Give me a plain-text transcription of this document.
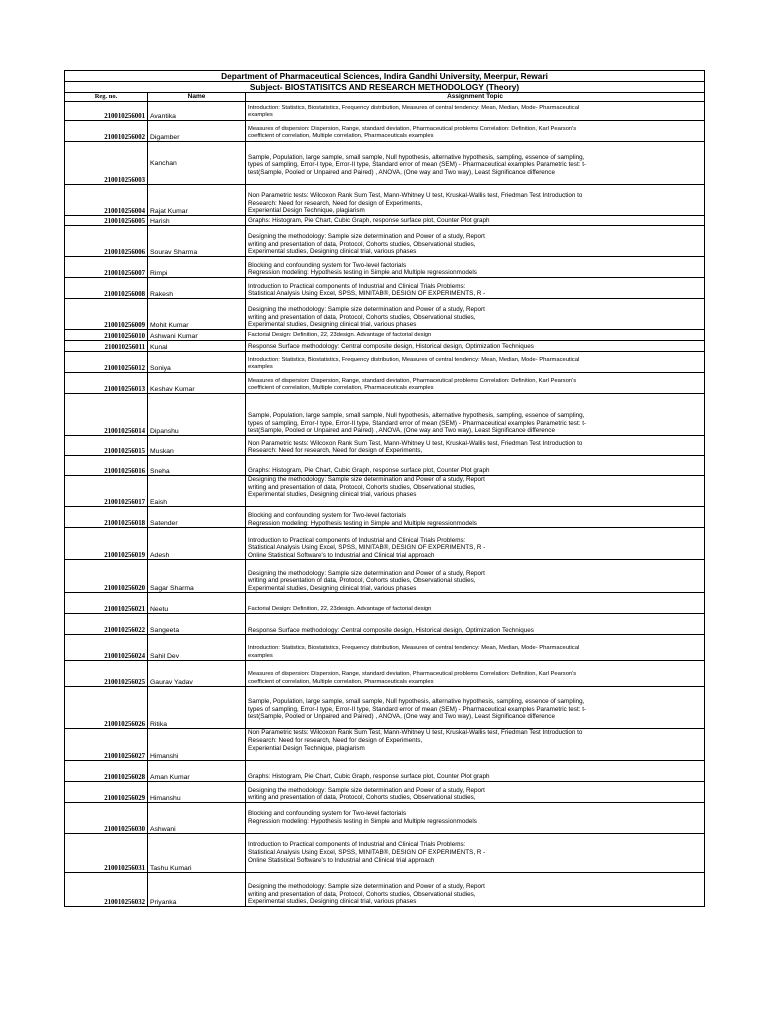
Department of Pharmaceutical Sciences, Indira Gandhi University, Meerpur, Rewari		
Subject- BIOSTATISITCS AND RESEARCH METHODOLOGY (Theory)		
Reg. no.	Name	Assignment Topic
210010256001	Avantika	Introduction: Statistics, Biostatistics, Frequency distribution, Measures of central tendency: Mean, Median, Mode- Pharmaceutical
examples

210010256002	Digamber	Measures of dispersion: Dispersion, Range, standard deviation, Pharmaceutical problems Correlation: Definition, Karl Pearson's
coefficient of correlation, Multiple correlation, Pharmaceuticals examples

210010256003	Kanchan	Sample, Population, large sample, small sample, Null hypothesis, alternative hypothesis, sampling, essence of sampling,
types of sampling, Error-I type, Error-II type, Standard error of mean (SEM) - Pharmaceutical examples Parametric test: t-
test(Sample, Pooled or Unpaired and Paired) , ANOVA, (One way and Two way), Least Significance difference

210010256004	Rajat Kumar	Non Parametric tests: Wilcoxon Rank Sum Test, Mann-Whitney U test, Kruskal-Wallis test, Friedman Test Introduction to
Research: Need for research, Need for design of Experiments,
Experiential Design Technique, plagiarism

210010256005	Harish	Graphs: Histogram, Pie Chart, Cubic Graph, response surface plot, Counter Plot graph

210010256006	Sourav Sharma	Designing the methodology: Sample size determination and Power of a study, Report
writing and presentation of data, Protocol, Cohorts studies, Observational studies,
Experimental studies, Designing clinical trial, various phases

210010256007	Rimpi	Blocking and confounding system for Two-level factorials
Regression modeling: Hypothesis testing in Simple and Multiple regressionmodels

210010256008	Rakesh	Introduction to Practical components of Industrial and Clinical Trials Problems:
Statistical Analysis Using Excel, SPSS, MINITAB®, DESIGN OF EXPERIMENTS, R -

210010256009	Mohit Kumar	Designing the methodology: Sample size determination and Power of a study, Report
writing and presentation of data, Protocol, Cohorts studies, Observational studies,
Experimental studies, Designing clinical trial, various phases

210010256010	Ashwani Kumar	Factorial Design: Definition, 22, 23design. Advantage of factorial design

210010256011	Kunal	Response Surface methodology: Central composite design, Historical design, Optimization Techniques

210010256012	Soniya	Introduction: Statistics, Biostatistics, Frequency distribution, Measures of central tendency: Mean, Median, Mode- Pharmaceutical
examples

210010256013	Keshav Kumar	Measures of dispersion: Dispersion, Range, standard deviation, Pharmaceutical problems Correlation: Definition, Karl Pearson's
coefficient of correlation, Multiple correlation, Pharmaceuticals examples

210010256014	Dipanshu	Sample, Population, large sample, small sample, Null hypothesis, alternative hypothesis, sampling, essence of sampling,
types of sampling, Error-I type, Error-II type, Standard error of mean (SEM) - Pharmaceutical examples Parametric test: t-
test(Sample, Pooled or Unpaired and Paired) , ANOVA, (One way and Two way), Least Significance difference

210010256015	Muskan	Non Parametric tests: Wilcoxon Rank Sum Test, Mann-Whitney U test, Kruskal-Wallis test, Friedman Test Introduction to
Research: Need for research, Need for design of Experiments,

210010256016	Sneha	Graphs: Histogram, Pie Chart, Cubic Graph, response surface plot, Counter Plot graph

210010256017	Eaish	Designing the methodology: Sample size determination and Power of a study, Report
writing and presentation of data, Protocol, Cohorts studies, Observational studies,
Experimental studies, Designing clinical trial, various phases

210010256018	Satender	Blocking and confounding system for Two-level factorials
Regression modeling: Hypothesis testing in Simple and Multiple regressionmodels

210010256019	Adesh	Introduction to Practical components of Industrial and Clinical Trials Problems:
Statistical Analysis Using Excel, SPSS, MINITAB®, DESIGN OF EXPERIMENTS, R -
Online Statistical Software's to Industrial and Clinical trial approach

210010256020	Sagar Sharma	Designing the methodology: Sample size determination and Power of a study, Report
writing and presentation of data, Protocol, Cohorts studies, Observational studies,
Experimental studies, Designing clinical trial, various phases

210010256021	Neetu	Factorial Design: Definition, 22, 23design. Advantage of factorial design

210010256022	Sangeeta	Response Surface methodology: Central composite design, Historical design, Optimization Techniques

210010256024	Sahil Dev	Introduction: Statistics, Biostatistics, Frequency distribution, Measures of central tendency: Mean, Median, Mode- Pharmaceutical
examples

210010256025	Gaurav Yadav	Measures of dispersion: Dispersion, Range, standard deviation, Pharmaceutical problems Correlation: Definition, Karl Pearson's
coefficient of correlation, Multiple correlation, Pharmaceuticals examples

210010256026	Ritika	Sample, Population, large sample, small sample, Null hypothesis, alternative hypothesis, sampling, essence of sampling,
types of sampling, Error-I type, Error-II type, Standard error of mean (SEM) - Pharmaceutical examples Parametric test: t-
test(Sample, Pooled or Unpaired and Paired) , ANOVA, (One way and Two way), Least Significance difference

210010256027	Himanshi	Non Parametric tests: Wilcoxon Rank Sum Test, Mann-Whitney U test, Kruskal-Wallis test, Friedman Test Introduction to
Research: Need for research, Need for design of Experiments,
Experiential Design Technique, plagiarism

210010256028	Aman Kumar	Graphs: Histogram, Pie Chart, Cubic Graph, response surface plot, Counter Plot graph

210010256029	Himanshu	Designing the methodology: Sample size determination and Power of a study, Report
writing and presentation of data, Protocol, Cohorts studies, Observational studies,

210010256030	Ashwani	Blocking and confounding system for Two-level factorials
Regression modeling: Hypothesis testing in Simple and Multiple regressionmodels

210010256031	Tashu Kumari	Introduction to Practical components of Industrial and Clinical Trials Problems:
Statistical Analysis Using Excel, SPSS, MINITAB®, DESIGN OF EXPERIMENTS, R -
Online Statistical Software's to Industrial and Clinical trial approach

210010256032	Priyanka	Designing the methodology: Sample size determination and Power of a study, Report
writing and presentation of data, Protocol, Cohorts studies, Observational studies,
Experimental studies, Designing clinical trial, various phases
